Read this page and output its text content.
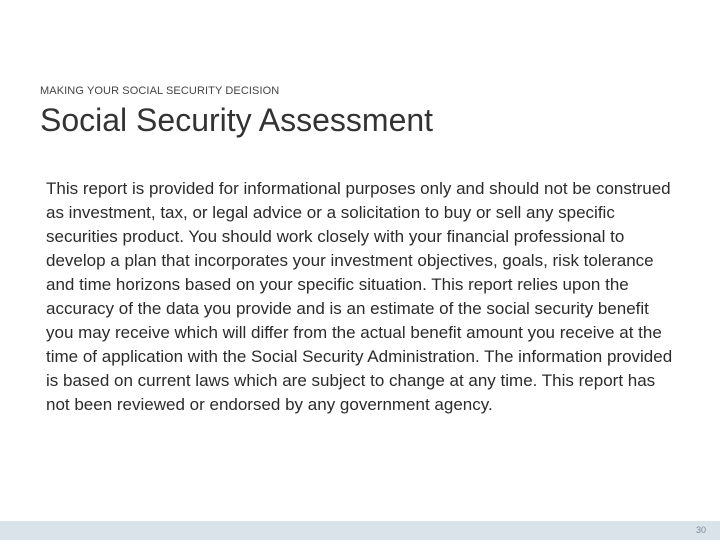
MAKING YOUR SOCIAL SECURITY DECISION
Social Security Assessment

This report is provided for informational purposes only and should not be construed as investment, tax, or legal advice or a solicitation to buy or sell any specific securities product. You should work closely with your financial professional to develop a plan that incorporates your investment objectives, goals, risk tolerance and time horizons based on your specific situation. This report relies upon the accuracy of the data you provide and is an estimate of the social security benefit you may receive which will differ from the actual benefit amount you receive at the time of application with the Social Security Administration. The information provided is based on current laws which are subject to change at any time. This report has not been reviewed or endorsed by any government agency.

30
